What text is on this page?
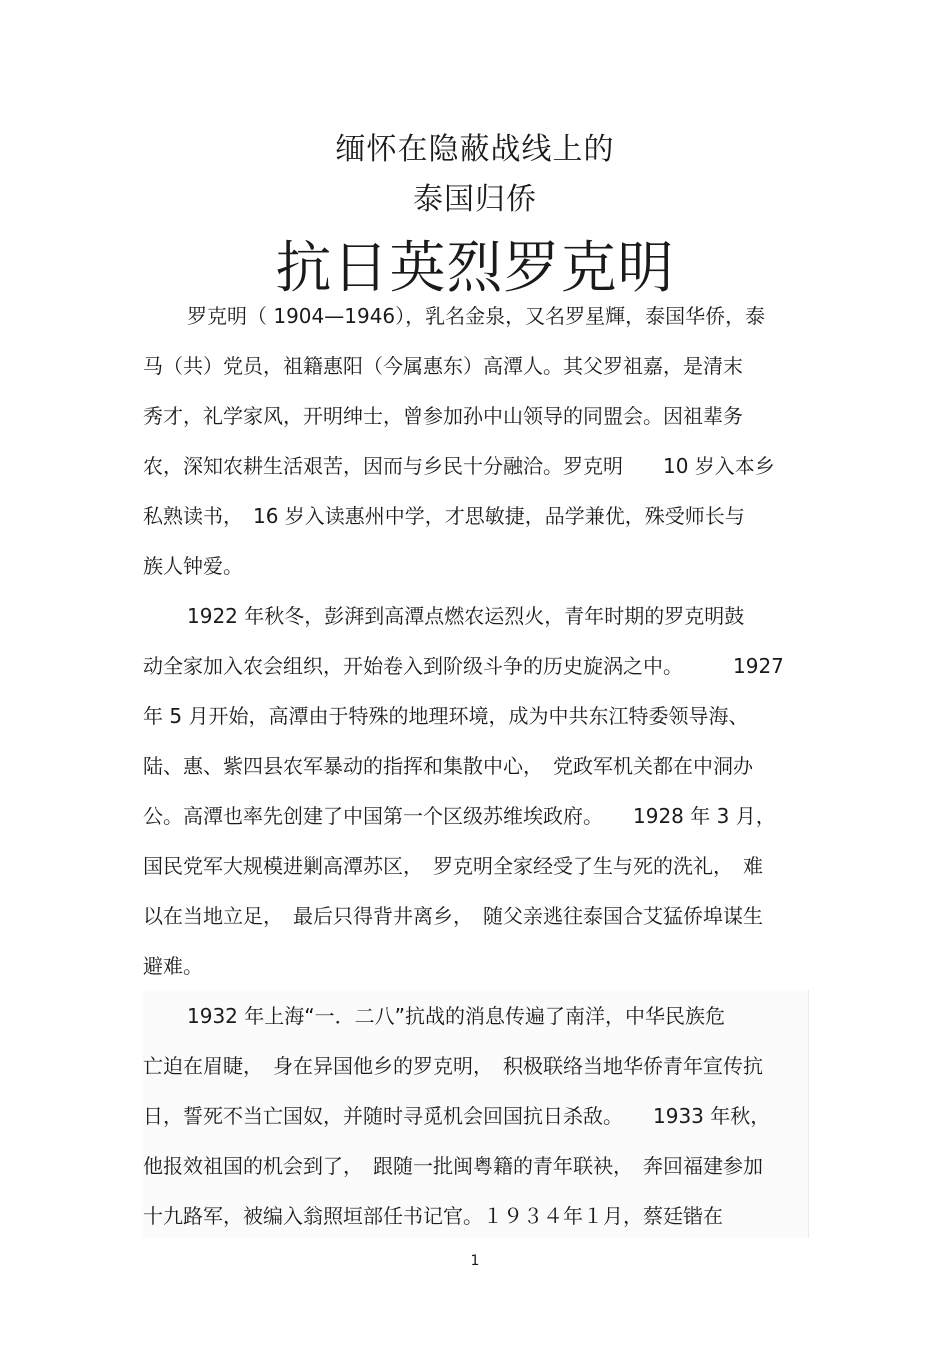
缅怀在隐蔽战线上的
泰国归侨
抗日英烈罗克明
罗克明（ 1904—1946），乳名金泉，又名罗星輝，泰国华侨，泰
马（共）党员，祖籍惠阳（今属惠东）高潭人。其父罗祖嘉，是清末
秀才，礼学家风，开明绅士，曾参加孙中山领导的同盟会。因祖辈务
农，深知农耕生活艰苦，因而与乡民十分融洽。罗克明　　10 岁入本乡
私熟读书，　16 岁入读惠州中学，才思敏捷，品学兼优，殊受师长与
族人钟爱。
1922 年秋冬，彭湃到高潭点燃农运烈火，青年时期的罗克明鼓
动全家加入农会组织，开始卷入到阶级斗争的历史旋涡之中。　　　1927
年 5 月开始，高潭由于特殊的地理环境，成为中共东江特委领导海、
陆、惠、紫四县农军暴动的指挥和集散中心，　党政军机关都在中洞办
公。高潭也率先创建了中国第一个区级苏维埃政府。　　1928 年 3 月，
国民党军大规模进剿高潭苏区，　罗克明全家经受了生与死的洗礼，　难
以在当地立足，　最后只得背井离乡，　随父亲逃往泰国合艾猛侨埠谋生
避难。
1932 年上海“一．二八”抗战的消息传遍了南洋，中华民族危
亡迫在眉睫，　身在异国他乡的罗克明，　积极联络当地华侨青年宣传抗
日，誓死不当亡国奴，并随时寻觅机会回国抗日杀敌。　　1933 年秋，
他报效祖国的机会到了，　跟随一批闽粤籍的青年联袂，　奔回福建参加
十九路军，被编入翁照垣部任书记官。１９３４年１月，蔡廷锴在
1
